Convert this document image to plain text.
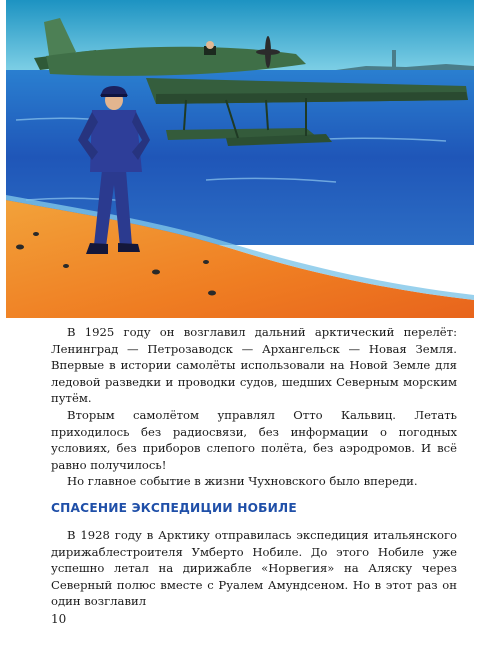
В 1925 году он возглавил дальний арктический перелёт: Ленинград — Петрозаводск — Архангельск — Новая Земля. Впервые в истории самолёты использовали на Новой Земле для ледовой разведки и проводки судов, шедших Северным морским путём.

Вторым самолётом управлял Отто Кальвиц. Летать приходилось без радиосвязи, без информации о погодных условиях, без приборов слепого полёта, без аэродромов. И всё равно получилось!

Но главное событие в жизни Чухновского было впереди.

СПАСЕНИЕ ЭКСПЕДИЦИИ НОБИЛЕ

В 1928 году в Арктику отправилась экспедиция итальянского дирижаблестроителя Умберто Нобиле. До этого Нобиле уже успешно летал на дирижабле «Норвегия» на Аляску через Северный полюс вместе с Руалем Амундсеном. Но в этот раз он один возглавил

10
